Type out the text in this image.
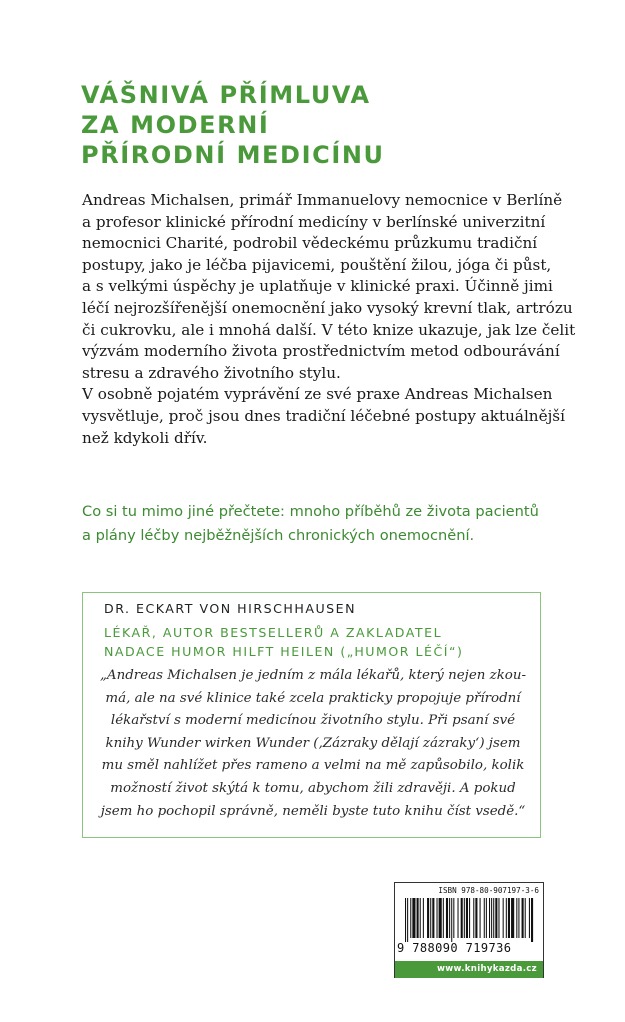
VÁŠNIVÁ PŘÍMLUVA
ZA MODERNÍ
PŘÍRODNÍ MEDICÍNU
Andreas Michalsen, primář Immanuelovy nemocnice v Berlíně
a profesor klinické přírodní medicíny v berlínské univerzitní
nemocnici Charité, podrobil vědeckému průzkumu tradiční
postupy, jako je léčba pijavicemi, pouštění žilou, jóga či půst,
a s velkými úspěchy je uplatňuje v klinické praxi. Účinně jimi
léčí nejrozšířenější onemocnění jako vysoký krevní tlak, artrózu
či cukrovku, ale i mnohá další. V této knize ukazuje, jak lze čelit
výzvám moderního života prostřednictvím metod odbourávání
stresu a zdravého životního stylu.
V osobně pojatém vyprávění ze své praxe Andreas Michalsen
vysvětluje, proč jsou dnes tradiční léčebné postupy aktuálnější
než kdykoli dřív.
Co si tu mimo jiné přečtete: mnoho příběhů ze života pacientů
a plány léčby nejběžnějších chronických onemocnění.
DR. ECKART VON HIRSCHHAUSEN
LÉKAŘ, AUTOR BESTSELLERŮ A ZAKLADATEL
NADACE HUMOR HILFT HEILEN („HUMOR LÉČÍ“)
„Andreas Michalsen je jedním z mála lékařů, který nejen zkou-
má, ale na své klinice také zcela prakticky propojuje přírodní
lékařství s moderní medicínou životního stylu. Při psaní své
knihy Wunder wirken Wunder (‚Zázraky dělají zázraky‘) jsem
mu směl nahlížet přes rameno a velmi na mě zapůsobilo, kolik
možností život skýtá k tomu, abychom žili zdravěji. A pokud
jsem ho pochopil správně, neměli byste tuto knihu číst vsedě.“
ISBN 978-80-907197-3-6
9 788090 719736
www.knihykazda.cz
